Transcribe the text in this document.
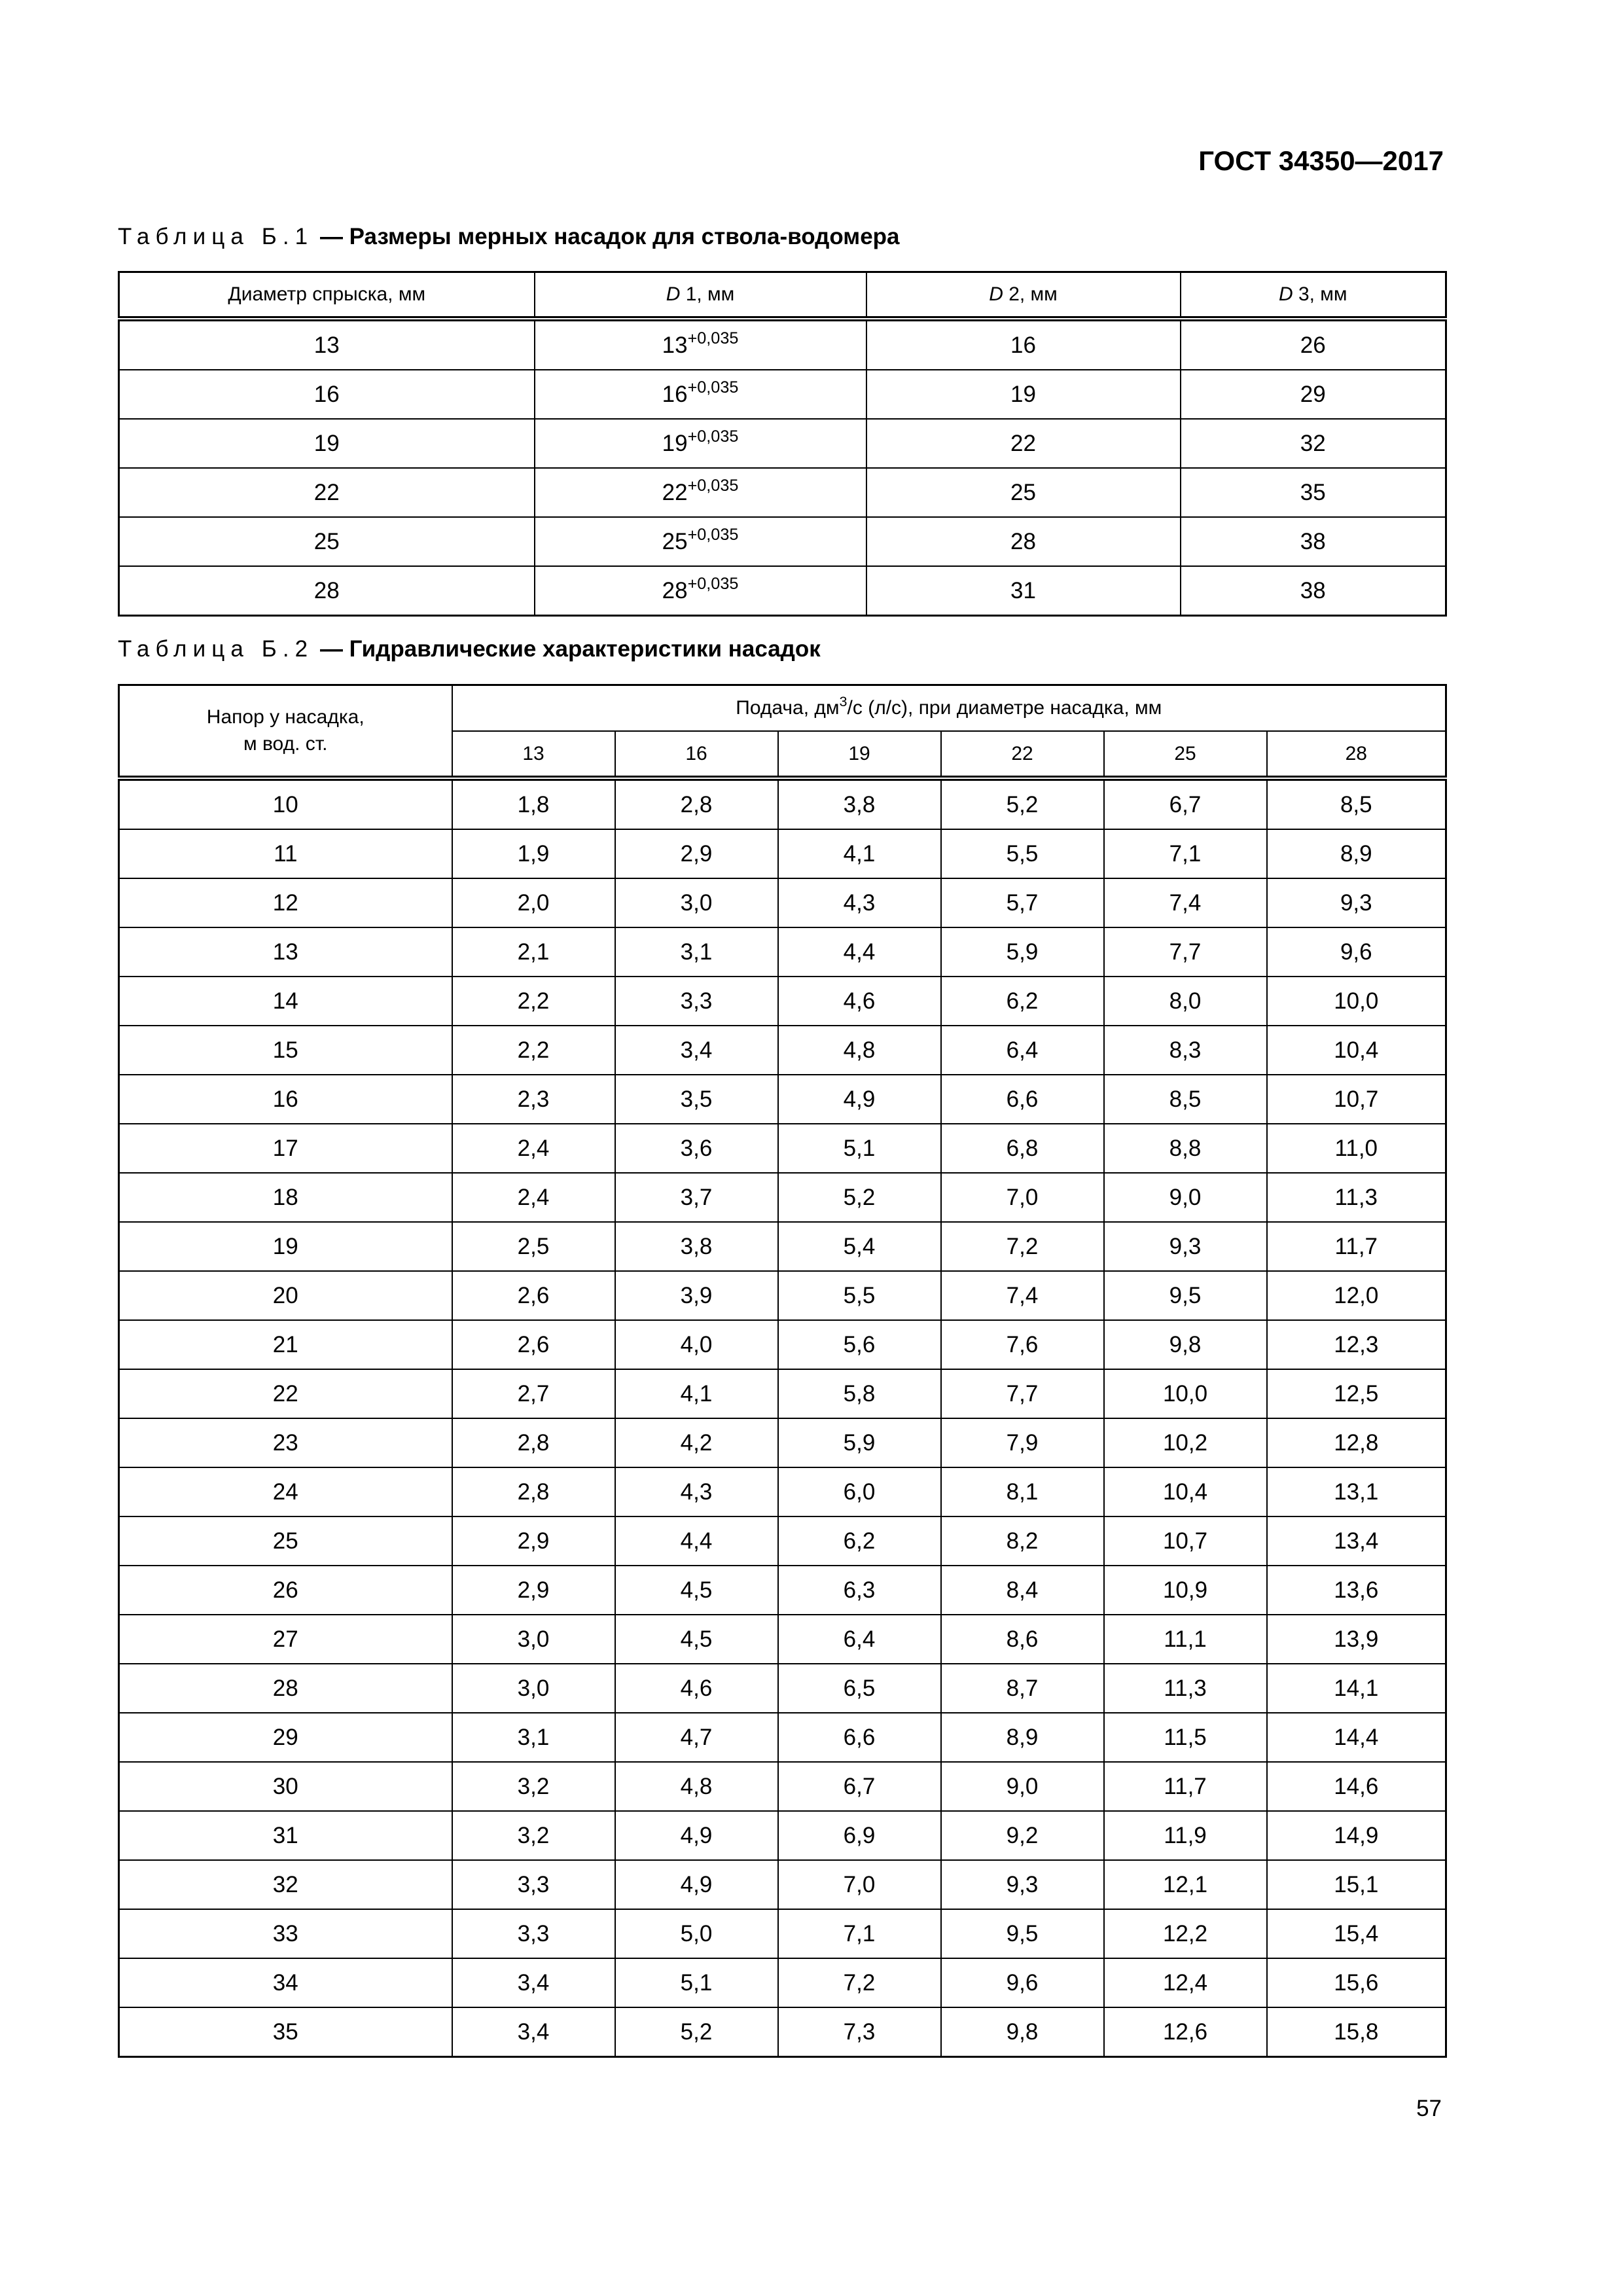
ГОСТ 34350—2017
Таблица Б.1 — Размеры мерных насадок для ствола-водомера
Диаметр спрыска, мм	D 1, мм	D 2, мм	D 3, мм
13	$13^{+0,035}$	16	26
16	$16^{+0,035}$	19	29
19	$19^{+0,035}$	22	32
22	$22^{+0,035}$	25	35
25	$25^{+0,035}$	28	38
28	$28^{+0,035}$	31	38
Таблица Б.2 — Гидравлические характеристики насадок
Напор у насадка,
м вод. ст.	Подача, $дм^3/с$ (л/с), при диаметре насадка, мм					
	13	16	19	22	25	28
10	1,8	2,8	3,8	5,2	6,7	8,5
11	1,9	2,9	4,1	5,5	7,1	8,9
12	2,0	3,0	4,3	5,7	7,4	9,3
13	2,1	3,1	4,4	5,9	7,7	9,6
14	2,2	3,3	4,6	6,2	8,0	10,0
15	2,2	3,4	4,8	6,4	8,3	10,4
16	2,3	3,5	4,9	6,6	8,5	10,7
17	2,4	3,6	5,1	6,8	8,8	11,0
18	2,4	3,7	5,2	7,0	9,0	11,3
19	2,5	3,8	5,4	7,2	9,3	11,7
20	2,6	3,9	5,5	7,4	9,5	12,0
21	2,6	4,0	5,6	7,6	9,8	12,3
22	2,7	4,1	5,8	7,7	10,0	12,5
23	2,8	4,2	5,9	7,9	10,2	12,8
24	2,8	4,3	6,0	8,1	10,4	13,1
25	2,9	4,4	6,2	8,2	10,7	13,4
26	2,9	4,5	6,3	8,4	10,9	13,6
27	3,0	4,5	6,4	8,6	11,1	13,9
28	3,0	4,6	6,5	8,7	11,3	14,1
29	3,1	4,7	6,6	8,9	11,5	14,4
30	3,2	4,8	6,7	9,0	11,7	14,6
31	3,2	4,9	6,9	9,2	11,9	14,9
32	3,3	4,9	7,0	9,3	12,1	15,1
33	3,3	5,0	7,1	9,5	12,2	15,4
34	3,4	5,1	7,2	9,6	12,4	15,6
35	3,4	5,2	7,3	9,8	12,6	15,8
57
